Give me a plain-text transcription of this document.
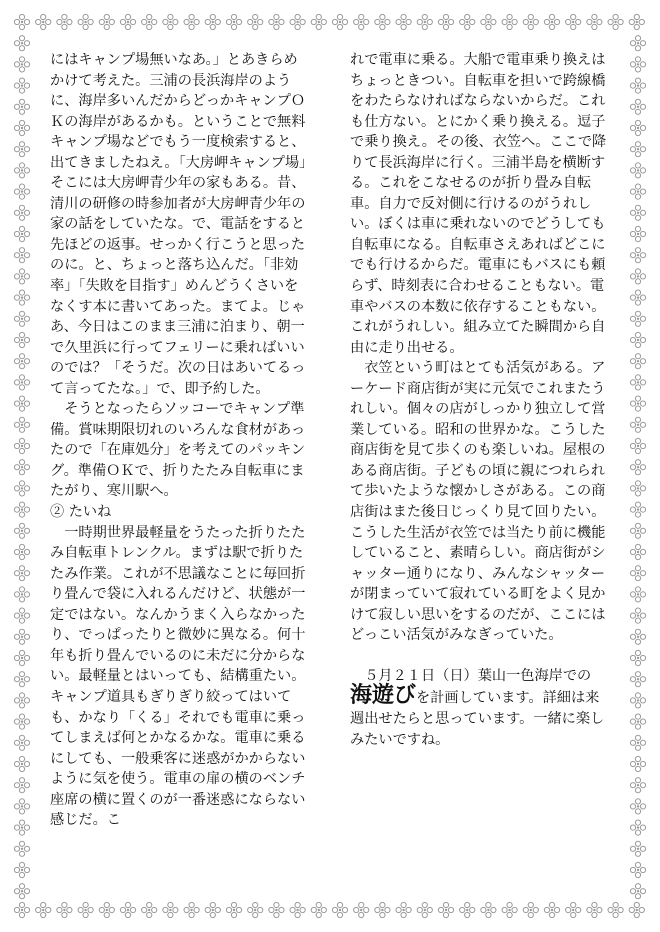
にはキャンプ場無いなあ。」とあきらめかけて考えた。三浦の長浜海岸のように、海岸多いんだからどっかキャンプＯＫの海岸があるかも。ということで無料キャンプ場などでもう一度検索すると、出てきましたねえ。「大房岬キャンプ場」そこには大房岬青少年の家もある。昔、清川の研修の時参加者が大房岬青少年の家の話をしていたな。で、電話をすると先ほどの返事。せっかく行こうと思ったのに。と、ちょっと落ち込んだ。「非効率」「失敗を目指す」めんどうくさいをなくす本に書いてあった。まてよ。じゃあ、今日はこのまま三浦に泊まり、朝一で久里浜に行ってフェリーに乗ればいいのでは？「そうだ。次の日はあいてるって言ってたな。」で、即予約した。

そうとなったらソッコーでキャンプ準備。賞味期限切れのいろんな食材があったので「在庫処分」を考えてのパッキング。準備ＯＫで、折りたたみ自転車にまたがり、寒川駅へ。

② たいね

一時期世界最軽量をうたった折りたたみ自転車トレンクル。まずは駅で折りたたみ作業。これが不思議なことに毎回折り畳んで袋に入れるんだけど、状態が一定ではない。なんかうまく入らなかったり、でっぱったりと微妙に異なる。何十年も折り畳んでいるのに未だに分からない。最軽量とはいっても、結構重たい。キャンプ道具もぎりぎり絞ってはいても、かなり「くる」それでも電車に乗ってしまえば何とかなるかな。電車に乗るにしても、一般乗客に迷惑がかからないように気を使う。電車の扉の横のベンチ座席の横に置くのが一番迷惑にならない感じだ。こ

れで電車に乗る。大船で電車乗り換えはちょっときつい。自転車を担いで跨線橋をわたらなければならないからだ。これも仕方ない。とにかく乗り換える。逗子で乗り換え。その後、衣笠へ。ここで降りて長浜海岸に行く。三浦半島を横断する。これをこなせるのが折り畳み自転車。自力で反対側に行けるのがうれしい。ぼくは車に乗れないのでどうしても自転車になる。自転車さえあればどこにでも行けるからだ。電車にもバスにも頼らず、時刻表に合わせることもない。電車やバスの本数に依存することもない。これがうれしい。組み立てた瞬間から自由に走り出せる。

衣笠という町はとても活気がある。アーケード商店街が実に元気でこれまたうれしい。個々の店がしっかり独立して営業している。昭和の世界かな。こうした商店街を見て歩くのも楽しいね。屋根のある商店街。子どもの頃に親につれられて歩いたような懐かしさがある。この商店街はまた後日じっくり見て回りたい。こうした生活が衣笠では当たり前に機能していること、素晴らしい。商店街がシャッター通りになり、みんなシャッターが閉まっていて寂れている町をよく見かけて寂しい思いをするのだが、ここにはどっこい活気がみなぎっていた。

５月２１日（日）葉山一色海岸での海遊びを計画しています。詳細は来週出せたらと思っています。一緒に楽しみたいですね。
